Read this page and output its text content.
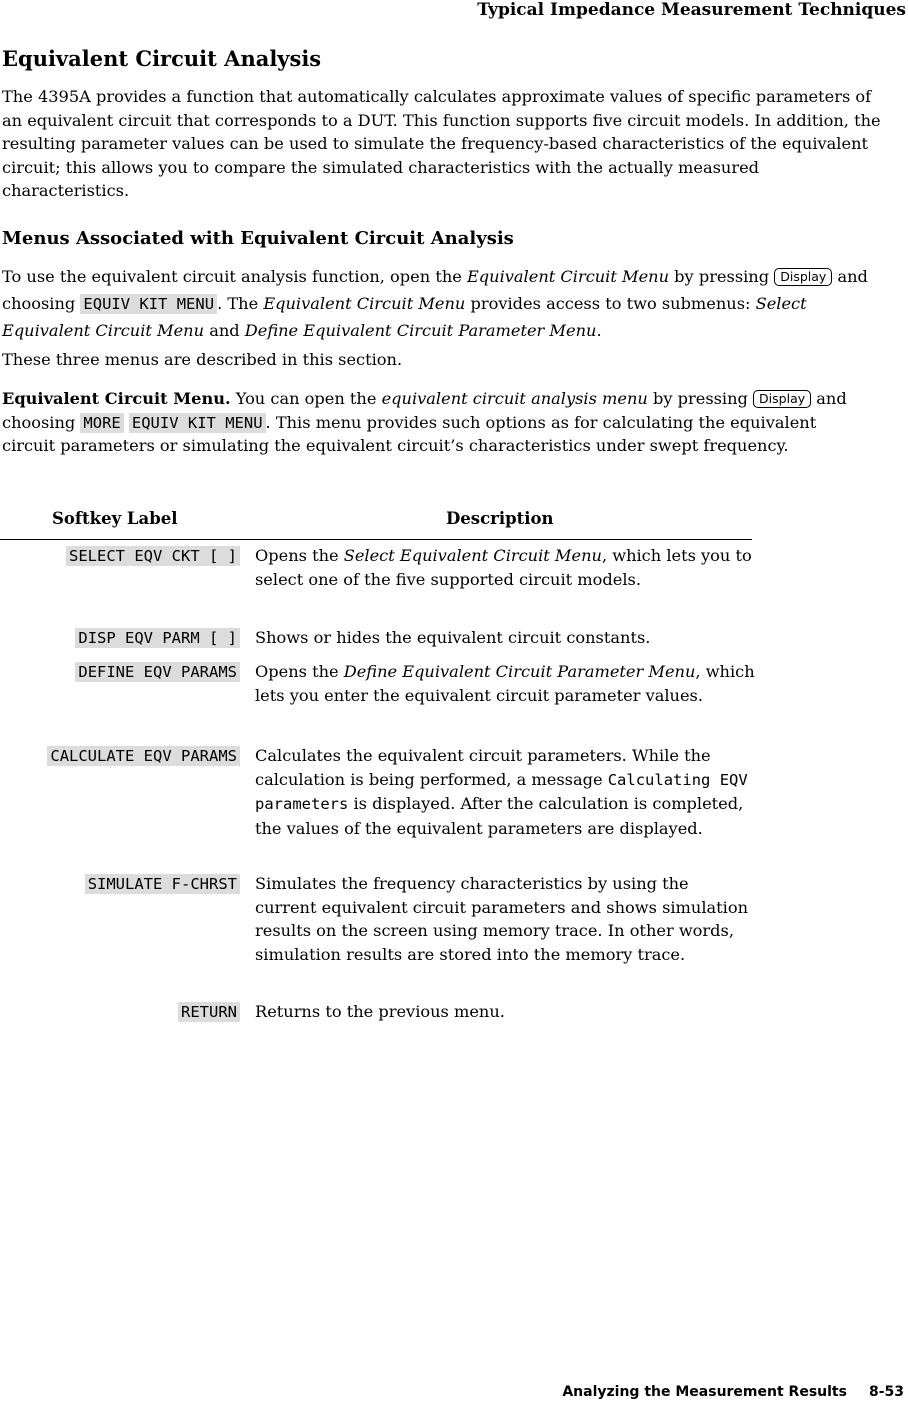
Typical Impedance Measurement Techniques
Equivalent Circuit Analysis

The 4395A provides a function that automatically calculates approximate values of specific parameters of an equivalent circuit that corresponds to a DUT. This function supports five circuit models. In addition, the resulting parameter values can be used to simulate the frequency-based characteristics of the equivalent circuit; this allows you to compare the simulated characteristics with the actually measured characteristics.

Menus Associated with Equivalent Circuit Analysis

To use the equivalent circuit analysis function, open the Equivalent Circuit Menu by pressing Display and choosing EQUIV KIT MENU . The Equivalent Circuit Menu provides access to two submenus: Select Equivalent Circuit Menu and Define Equivalent Circuit Parameter Menu.

These three menus are described in this section.

Equivalent Circuit Menu. You can open the equivalent circuit analysis menu by pressing Display and choosing MORE EQUIV KIT MENU . This menu provides such options as for calculating the equivalent circuit parameters or simulating the equivalent circuit’s characteristics under swept frequency.

Softkey Label	Description
SELECT EQV CKT [ ] Opens the Select Equivalent Circuit Menu, which lets you to select one of the five supported circuit models.
DISP EQV PARM [ ] Shows or hides the equivalent circuit constants.
DEFINE EQV PARAMS Opens the Define Equivalent Circuit Parameter Menu, which lets you enter the equivalent circuit parameter values.
CALCULATE EQV PARAMS Calculates the equivalent circuit parameters. While the calculation is being performed, a message Calculating EQV parameters is displayed. After the calculation is completed, the values of the equivalent parameters are displayed.
SIMULATE F-CHRST Simulates the frequency characteristics by using the current equivalent circuit parameters and shows simulation results on the screen using memory trace. In other words, simulation results are stored into the memory trace.
RETURN Returns to the previous menu.
Analyzing the Measurement Results 8-53
